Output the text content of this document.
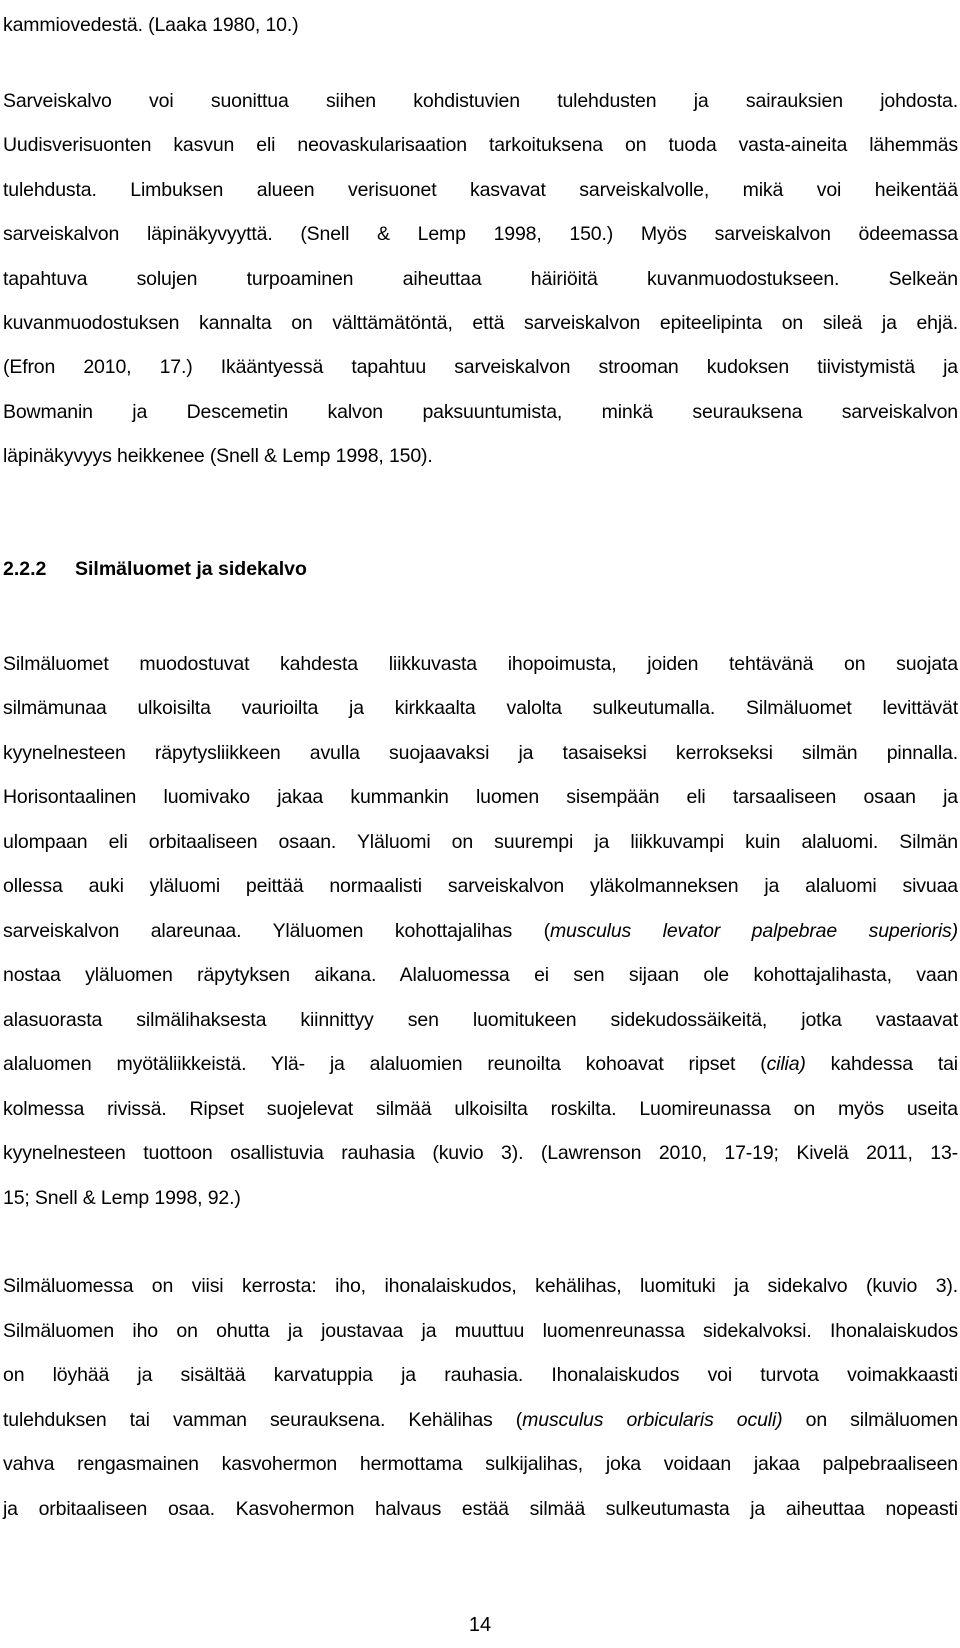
kammiovedestä. (Laaka 1980, 10.)

Sarveiskalvo voi suonittua siihen kohdistuvien tulehdusten ja sairauksien johdosta.

Uudisverisuonten kasvun eli neovaskularisaation tarkoituksena on tuoda vasta-aineita lähemmäs

tulehdusta. Limbuksen alueen verisuonet kasvavat sarveiskalvolle, mikä voi heikentää

sarveiskalvon läpinäkyvyyttä. (Snell & Lemp 1998, 150.) Myös sarveiskalvon ödeemassa

tapahtuva solujen turpoaminen aiheuttaa häiriöitä kuvanmuodostukseen. Selkeän

kuvanmuodostuksen kannalta on välttämätöntä, että sarveiskalvon epiteelipinta on sileä ja ehjä.

(Efron 2010, 17.) Ikääntyessä tapahtuu sarveiskalvon strooman kudoksen tiivistymistä ja

Bowmanin ja Descemetin kalvon paksuuntumista, minkä seurauksena sarveiskalvon

läpinäkyvyys heikkenee (Snell & Lemp 1998, 150).

2.2.2 Silmäluomet ja sidekalvo

Silmäluomet muodostuvat kahdesta liikkuvasta ihopoimusta, joiden tehtävänä on suojata

silmämunaa ulkoisilta vaurioilta ja kirkkaalta valolta sulkeutumalla. Silmäluomet levittävät

kyynelnesteen räpytysliikkeen avulla suojaavaksi ja tasaiseksi kerrokseksi silmän pinnalla.

Horisontaalinen luomivako jakaa kummankin luomen sisempään eli tarsaaliseen osaan ja

ulompaan eli orbitaaliseen osaan. Yläluomi on suurempi ja liikkuvampi kuin alaluomi. Silmän

ollessa auki yläluomi peittää normaalisti sarveiskalvon yläkolmanneksen ja alaluomi sivuaa

sarveiskalvon alareunaa. Yläluomen kohottajalihas (musculus levator palpebrae superioris)

nostaa yläluomen räpytyksen aikana. Alaluomessa ei sen sijaan ole kohottajalihasta, vaan

alasuorasta silmälihaksesta kiinnittyy sen luomitukeen sidekudossäikeitä, jotka vastaavat

alaluomen myötäliikkeistä. Ylä- ja alaluomien reunoilta kohoavat ripset (cilia) kahdessa tai

kolmessa rivissä. Ripset suojelevat silmää ulkoisilta roskilta. Luomireunassa on myös useita

kyynelnesteen tuottoon osallistuvia rauhasia (kuvio 3). (Lawrenson 2010, 17-19; Kivelä 2011, 13-

15; Snell & Lemp 1998, 92.)

Silmäluomessa on viisi kerrosta: iho, ihonalaiskudos, kehälihas, luomituki ja sidekalvo (kuvio 3).

Silmäluomen iho on ohutta ja joustavaa ja muuttuu luomenreunassa sidekalvoksi. Ihonalaiskudos

on löyhää ja sisältää karvatuppia ja rauhasia. Ihonalaiskudos voi turvota voimakkaasti

tulehduksen tai vamman seurauksena. Kehälihas (musculus orbicularis oculi) on silmäluomen

vahva rengasmainen kasvohermon hermottama sulkijalihas, joka voidaan jakaa palpebraaliseen

ja orbitaaliseen osaa. Kasvohermon halvaus estää silmää sulkeutumasta ja aiheuttaa nopeasti

14
